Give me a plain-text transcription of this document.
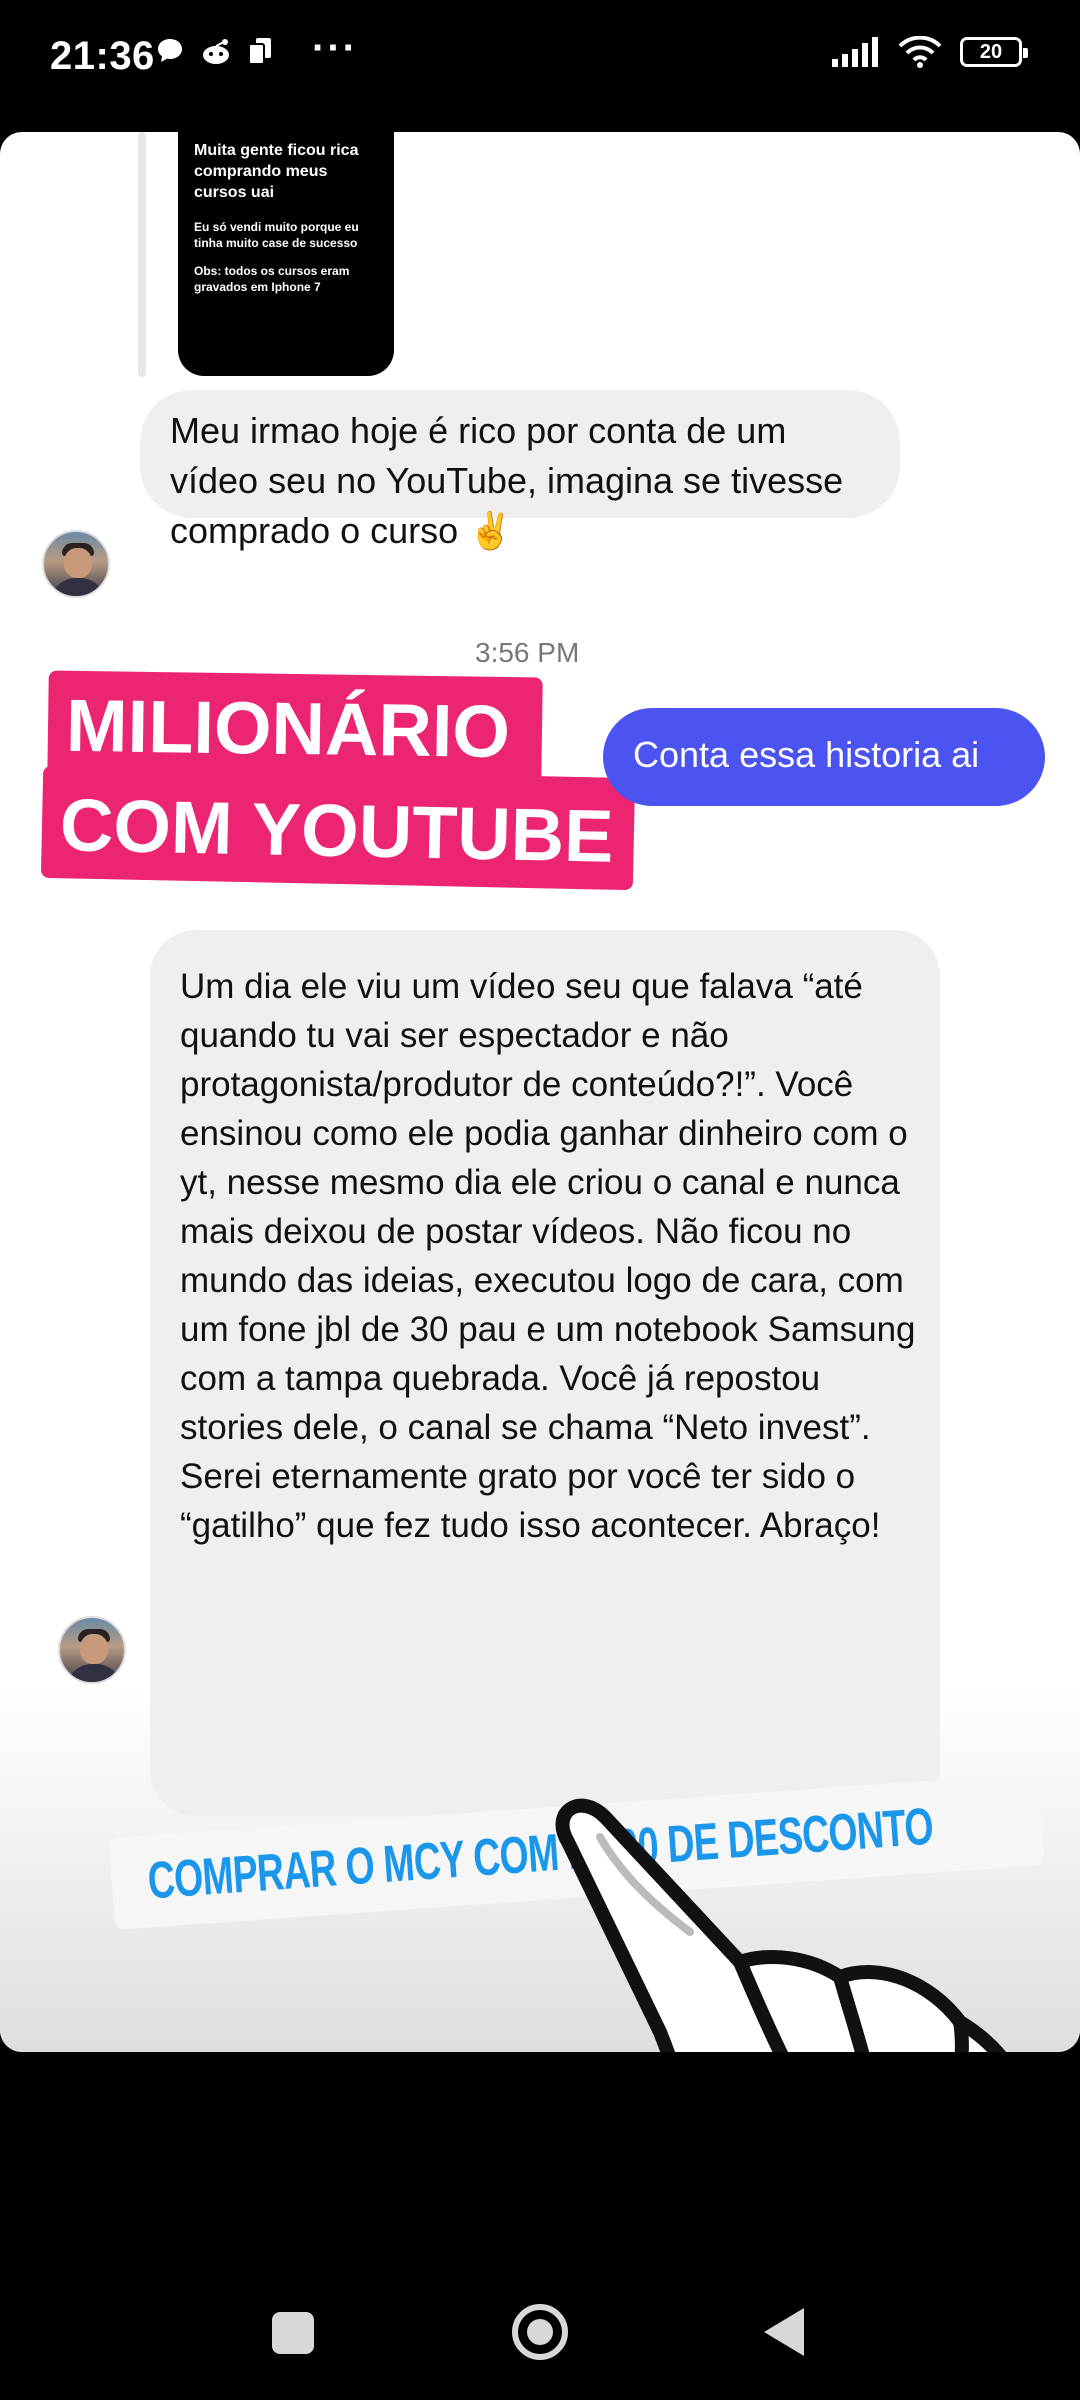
21:36	···	20
Muita gente ficou rica comprando meus cursos uai
Eu só vendi muito porque eu tinha muito case de sucesso
Obs: todos os cursos eram gravados em Iphone 7
Meu irmao hoje é rico por conta de um vídeo seu no YouTube, imagina se tivesse comprado o curso ✌️
3:56 PM
MILIONÁRIO
COM YOUTUBE
Conta essa historia ai
Um dia ele viu um vídeo seu que falava “até quando tu vai ser espectador e não protagonista/produtor de conteúdo?!”. Você ensinou como ele podia ganhar dinheiro com o yt, nesse mesmo dia ele criou o canal e nunca mais deixou de postar vídeos. Não ficou no mundo das ideias, executou logo de cara, com um fone jbl de 30 pau e um notebook Samsung com a tampa quebrada. Você já repostou stories dele, o canal se chama “Neto invest”. Serei eternamente grato por você ter sido o “gatilho” que fez tudo isso acontecer. Abraço!
COMPRAR O MCY COM 1.000 DE DESCONTO
